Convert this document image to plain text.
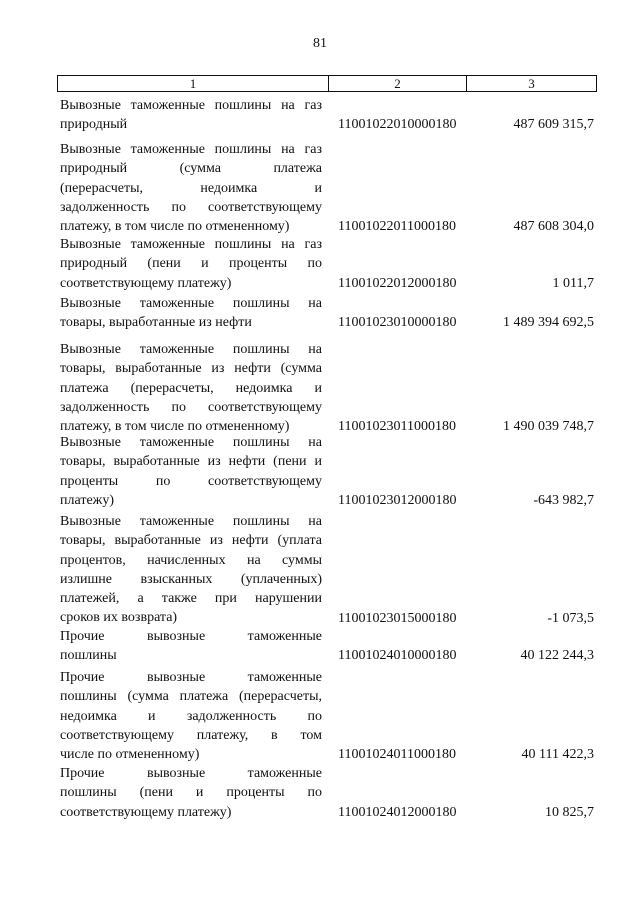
81
1	2	3
Вывозные таможенные пошлины на газ
природный	11001022010000180	487 609 315,7
Вывозные таможенные пошлины на газ
природный (сумма платежа
(перерасчеты, недоимка и
задолженность по соответствующему
платежу, в том числе по отмененному)	11001022011000180	487 608 304,0
Вывозные таможенные пошлины на газ
природный (пени и проценты по
соответствующему платежу)	11001022012000180	1 011,7
Вывозные таможенные пошлины на
товары, выработанные из нефти	11001023010000180	1 489 394 692,5
Вывозные таможенные пошлины на
товары, выработанные из нефти (сумма
платежа (перерасчеты, недоимка и
задолженность по соответствующему
платежу, в том числе по отмененному)	11001023011000180	1 490 039 748,7
Вывозные таможенные пошлины на
товары, выработанные из нефти (пени и
проценты по соответствующему
платежу)	11001023012000180	-643 982,7
Вывозные таможенные пошлины на
товары, выработанные из нефти (уплата
процентов, начисленных на суммы
излишне взысканных (уплаченных)
платежей, а также при нарушении
сроков их возврата)	11001023015000180	-1 073,5
Прочие вывозные таможенные
пошлины	11001024010000180	40 122 244,3
Прочие вывозные таможенные
пошлины (сумма платежа (перерасчеты,
недоимка и задолженность по
соответствующему платежу, в том
числе по отмененному)	11001024011000180	40 111 422,3
Прочие вывозные таможенные
пошлины (пени и проценты по
соответствующему платежу)	11001024012000180	10 825,7
